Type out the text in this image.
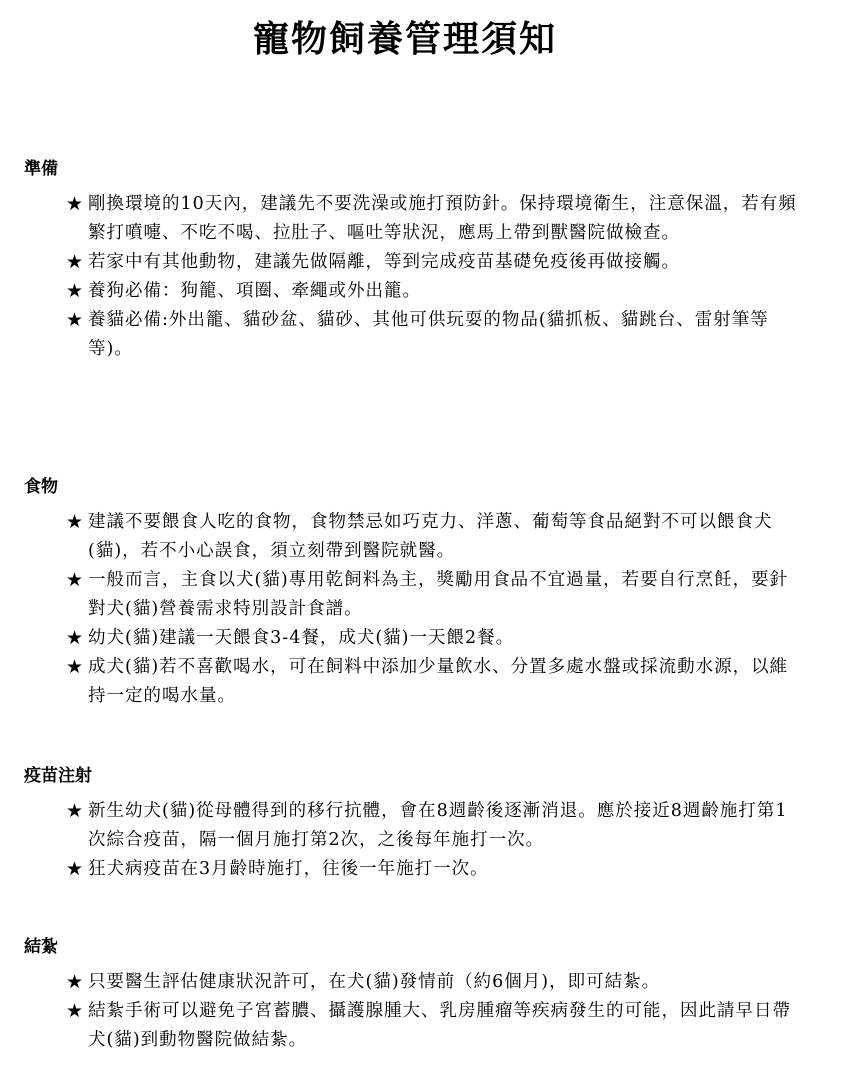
寵物飼養管理須知
準備
★ 剛換環境的10天內，建議先不要洗澡或施打預防針。保持環境衛生，注意保溫，若有頻繁打噴嚏、不吃不喝、拉肚子、嘔吐等狀況，應馬上帶到獸醫院做檢查。
★ 若家中有其他動物，建議先做隔離，等到完成疫苗基礎免疫後再做接觸。
★ 養狗必備：狗籠、項圈、牽繩或外出籠。
★ 養貓必備:外出籠、貓砂盆、貓砂、其他可供玩耍的物品(貓抓板、貓跳台、雷射筆等等)。
食物
★ 建議不要餵食人吃的食物，食物禁忌如巧克力、洋蔥、葡萄等食品絕對不可以餵食犬(貓)，若不小心誤食，須立刻帶到醫院就醫。
★ 一般而言，主食以犬(貓)專用乾飼料為主，獎勵用食品不宜過量，若要自行烹飪，要針對犬(貓)營養需求特別設計食譜。
★ 幼犬(貓)建議一天餵食3-4餐，成犬(貓)一天餵2餐。
★ 成犬(貓)若不喜歡喝水，可在飼料中添加少量飲水、分置多處水盤或採流動水源，以維持一定的喝水量。
疫苗注射
★ 新生幼犬(貓)從母體得到的移行抗體，會在8週齡後逐漸消退。應於接近8週齡施打第1次綜合疫苗，隔一個月施打第2次，之後每年施打一次。
★ 狂犬病疫苗在3月齡時施打，往後一年施打一次。
結紮
★ 只要醫生評估健康狀況許可，在犬(貓)發情前（約6個月)，即可結紮。
★ 結紮手術可以避免子宮蓄膿、攝護腺腫大、乳房腫瘤等疾病發生的可能，因此請早日帶犬(貓)到動物醫院做結紮。
